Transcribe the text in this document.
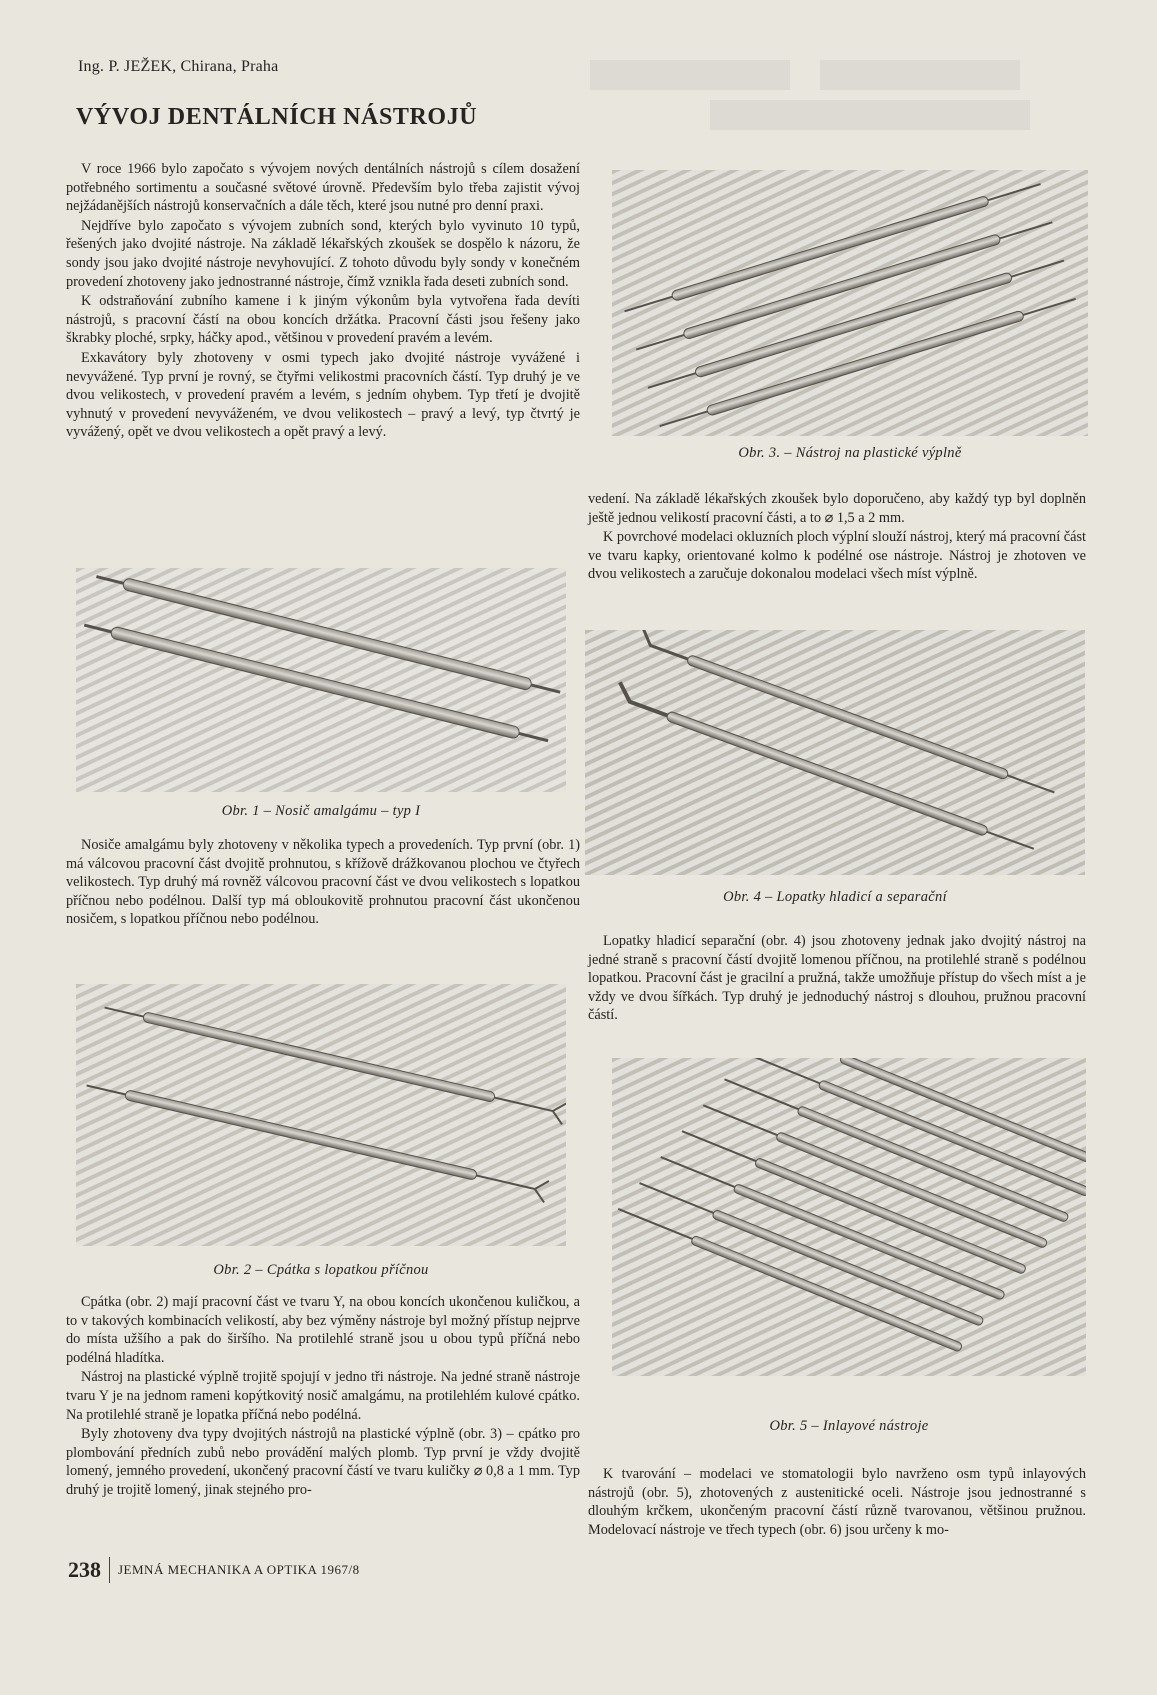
Ing. P. JEŽEK, Chirana, Praha
VÝVOJ DENTÁLNÍCH NÁSTROJŮ

V roce 1966 bylo započato s vývojem nových dentálních nástrojů s cílem dosažení potřebného sortimentu a současné světové úrovně. Především bylo třeba zajistit vývoj nejžádanějších nástrojů konservačních a dále těch, které jsou nutné pro denní praxi.

Nejdříve bylo započato s vývojem zubních sond, kterých bylo vyvinuto 10 typů, řešených jako dvojité nástroje. Na základě lékařských zkoušek se dospělo k názoru, že sondy jsou jako dvojité nástroje nevyhovující. Z tohoto důvodu byly sondy v konečném provedení zhotoveny jako jednostranné nástroje, čímž vznikla řada deseti zubních sond.

K odstraňování zubního kamene i k jiným výkonům byla vytvořena řada devíti nástrojů, s pracovní částí na obou koncích držátka. Pracovní části jsou řešeny jako škrabky ploché, srpky, háčky apod., většinou v provedení pravém a levém.

Exkavátory byly zhotoveny v osmi typech jako dvojité nástroje vyvážené i nevyvážené. Typ první je rovný, se čtyřmi velikostmi pracovních částí. Typ druhý je ve dvou velikostech, v provedení pravém a levém, s jedním ohybem. Typ třetí je dvojitě vyhnutý v provedení nevyváženém, ve dvou velikostech – pravý a levý, typ čtvrtý je vyvážený, opět ve dvou velikostech a opět pravý a levý.

Obr. 1 – Nosič amalgámu – typ I

Nosiče amalgámu byly zhotoveny v několika typech a provedeních. Typ první (obr. 1) má válcovou pracovní část dvojitě prohnutou, s křížově drážkovanou plochou ve čtyřech velikostech. Typ druhý má rovněž válcovou pracovní část ve dvou velikostech s lopatkou příčnou nebo podélnou. Další typ má obloukovitě prohnutou pracovní část ukončenou nosičem, s lopatkou příčnou nebo podélnou.

Obr. 2 – Cpátka s lopatkou příčnou

Cpátka (obr. 2) mají pracovní část ve tvaru Y, na obou koncích ukončenou kuličkou, a to v takových kombinacích velikostí, aby bez výměny nástroje byl možný přístup nejprve do místa užšího a pak do širšího. Na protilehlé straně jsou u obou typů příčná nebo podélná hladítka.

Nástroj na plastické výplně trojitě spojují v jedno tři nástroje. Na jedné straně nástroje tvaru Y je na jednom rameni kopýtkovitý nosič amalgámu, na protilehlém kulové cpátko. Na protilehlé straně je lopatka příčná nebo podélná.

Byly zhotoveny dva typy dvojitých nástrojů na plastické výplně (obr. 3) – cpátko pro plombování předních zubů nebo provádění malých plomb. Typ první je vždy dvojitě lomený, jemného provedení, ukončený pracovní částí ve tvaru kuličky ⌀ 0,8 a 1 mm. Typ druhý je trojitě lomený, jinak stejného pro-

Obr. 3. – Nástroj na plastické výplně

vedení. Na základě lékařských zkoušek bylo doporučeno, aby každý typ byl doplněn ještě jednou velikostí pracovní části, a to ⌀ 1,5 a 2 mm.

K povrchové modelaci okluzních ploch výplní slouží nástroj, který má pracovní část ve tvaru kapky, orientované kolmo k podélné ose nástroje. Nástroj je zhotoven ve dvou velikostech a zaručuje dokonalou modelaci všech míst výplně.

Obr. 4 – Lopatky hladicí a separační

Lopatky hladicí separační (obr. 4) jsou zhotoveny jednak jako dvojitý nástroj na jedné straně s pracovní částí dvojitě lomenou příčnou, na protilehlé straně s podélnou lopatkou. Pracovní část je gracilní a pružná, takže umožňuje přístup do všech míst a je vždy ve dvou šířkách. Typ druhý je jednoduchý nástroj s dlouhou, pružnou pracovní částí.

Obr. 5 – Inlayové nástroje

K tvarování – modelaci ve stomatologii bylo navrženo osm typů inlayových nástrojů (obr. 5), zhotovených z austenitické oceli. Nástroje jsou jednostranné s dlouhým krčkem, ukončeným pracovní částí různě tvarovanou, většinou pružnou. Modelovací nástroje ve třech typech (obr. 6) jsou určeny k mo-

238 JEMNÁ MECHANIKA A OPTIKA 1967/8
